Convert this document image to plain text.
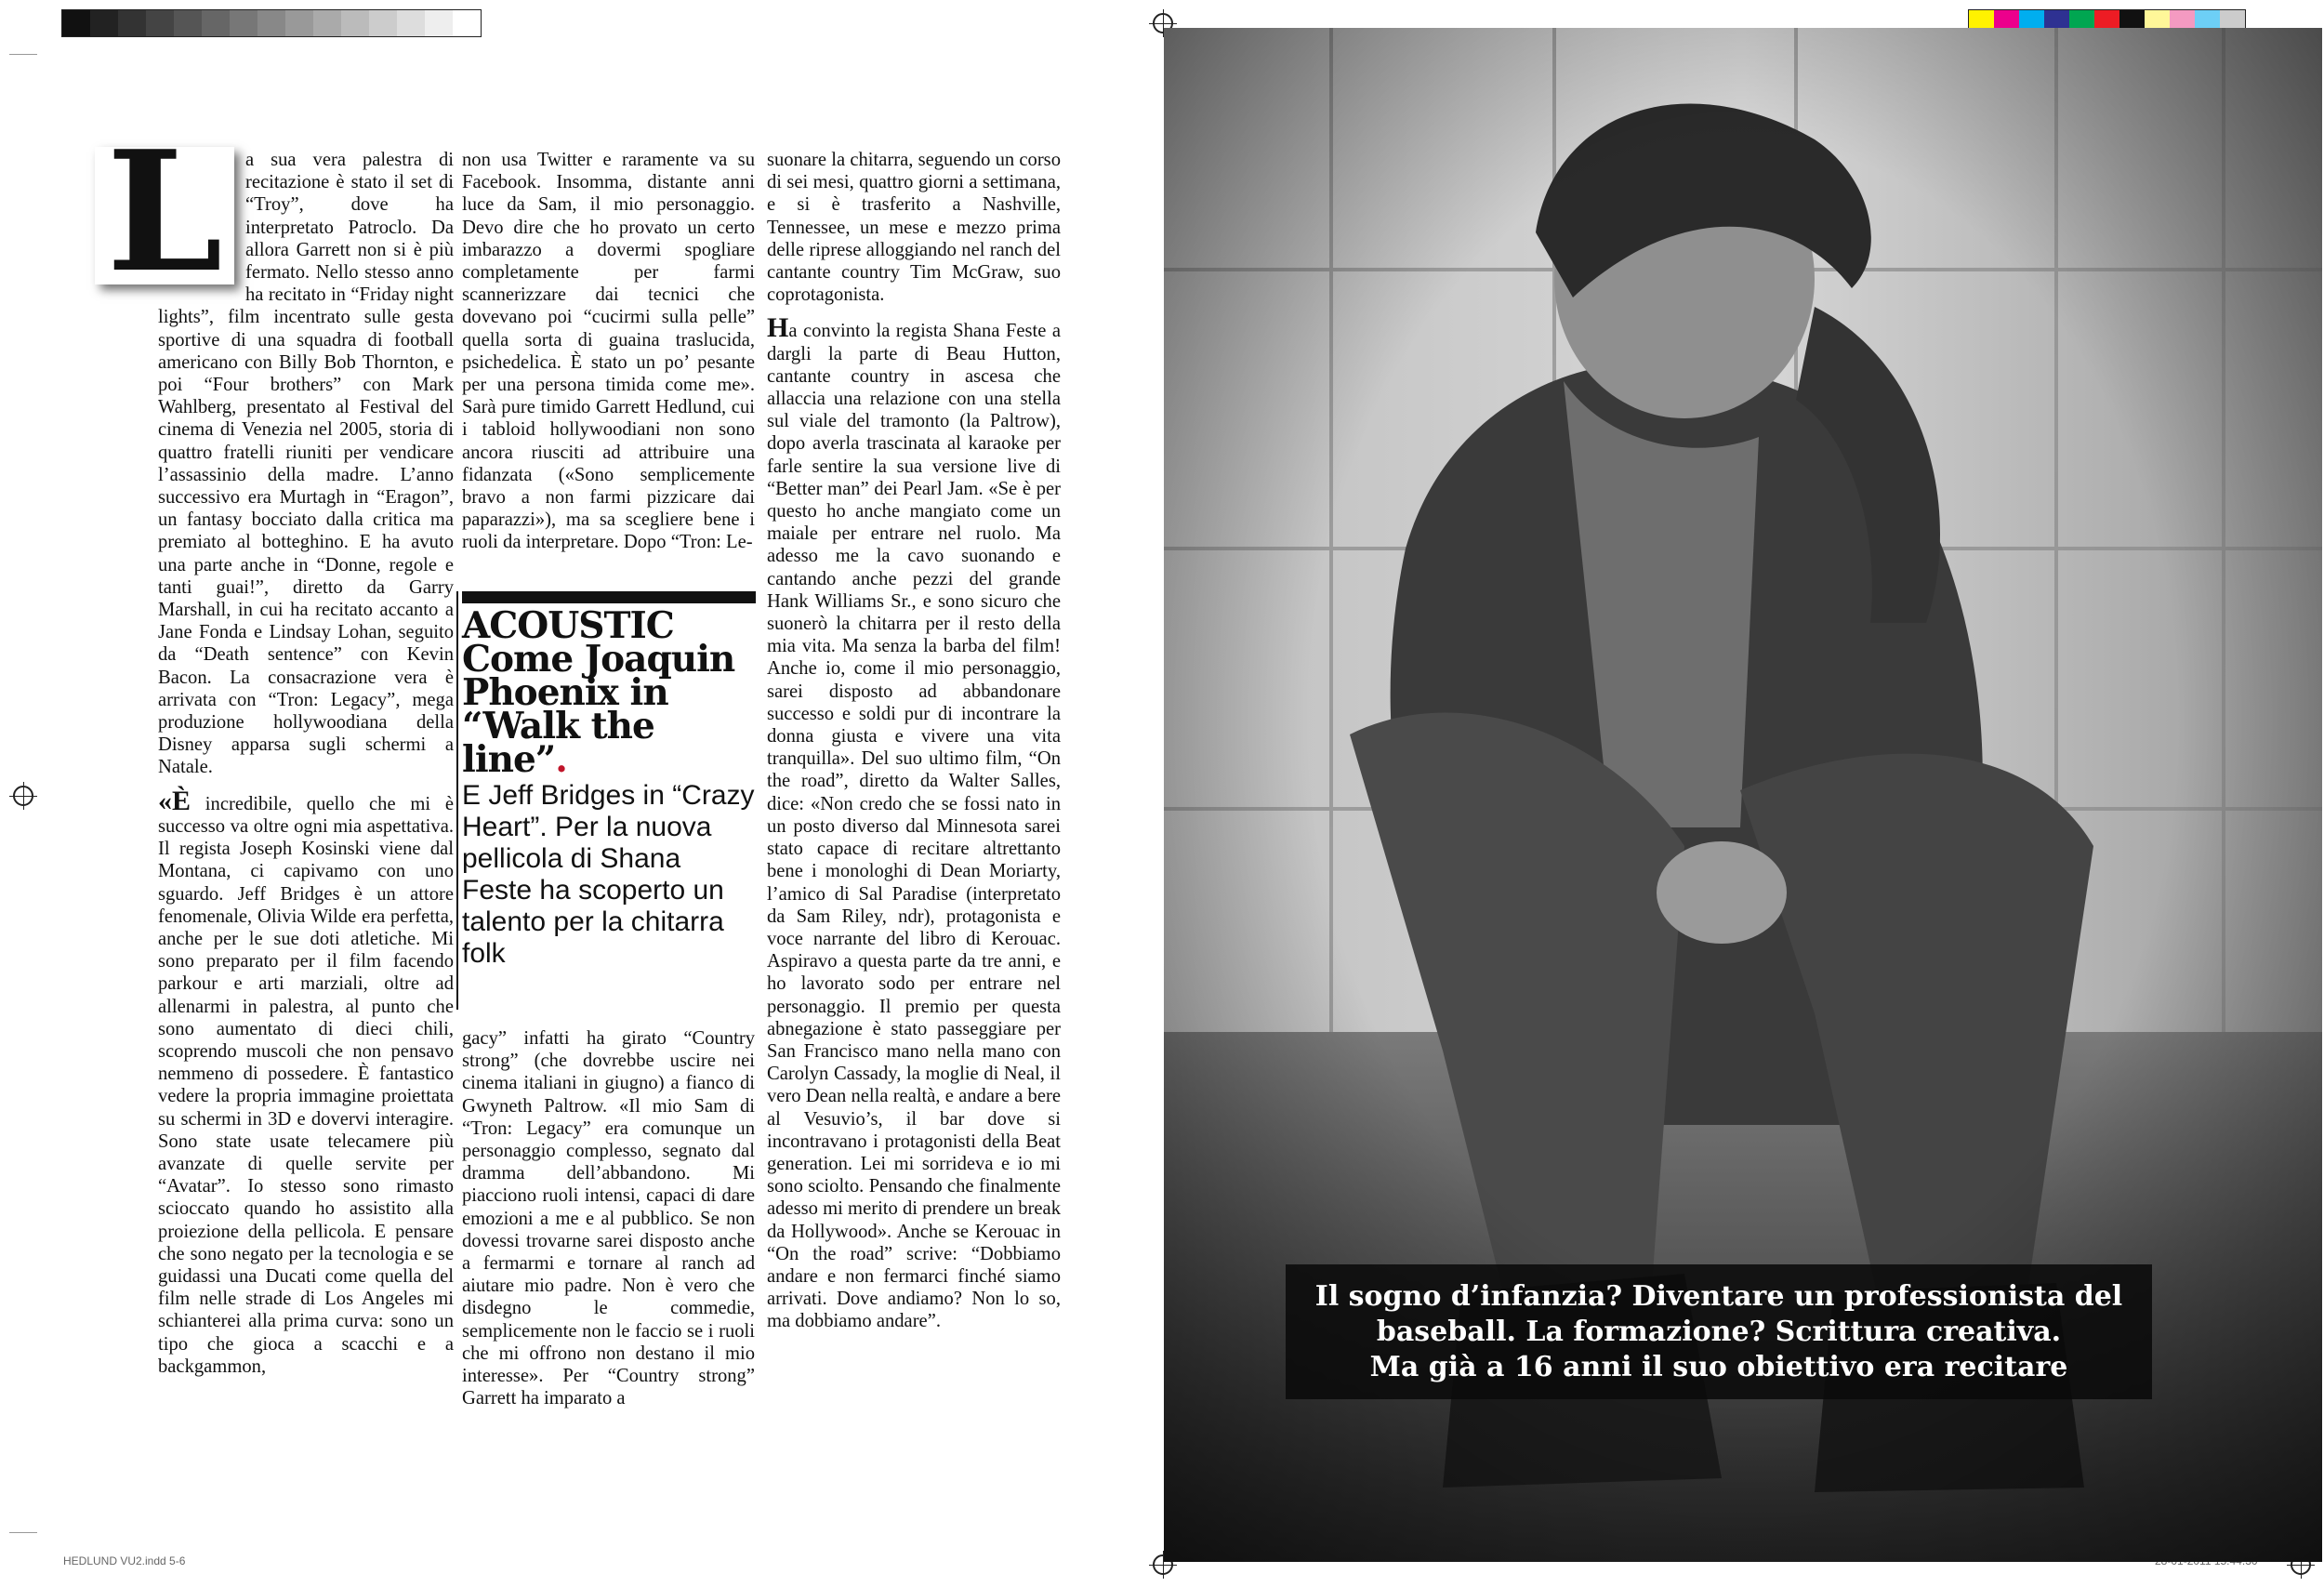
HEDLUND VU2.indd 5-6
L	a sua vera palestra di recitazione è stato il set di “Troy”, dove ha interpretato Patroclo. Da allora Garrett non si è più fermato. Nello stesso anno ha recitato in “Friday night lights”, film incentrato sulle gesta sportive di una squadra di football americano con Billy Bob Thornton, e poi “Four brothers” con Mark Wahlberg, presentato al Festival del cinema di Venezia nel 2005, storia di quattro fratelli riuniti per vendicare l’assassinio della madre. L’anno successivo era Murtagh in “Eragon”, un fantasy bocciato dalla critica ma premiato al botteghino. E ha avuto una parte anche in “Donne, regole e tanti guai!”, diretto da Garry Marshall, in cui ha recitato accanto a Jane Fonda e Lindsay Lohan, seguito da “Death sentence” con Kevin Bacon. La consacrazione vera è arrivata con “Tron: Legacy”, mega produzione hollywoodiana della Disney apparsa sugli schermi a Natale.

«È incredibile, quello che mi è successo va oltre ogni mia aspettativa. Il regista Joseph Kosinski viene dal Montana, ci capivamo con uno sguardo. Jeff Bridges è un attore fenomenale, Olivia Wilde era perfetta, anche per le sue doti atletiche. Mi sono preparato per il film facendo parkour e arti marziali, oltre ad allenarmi in palestra, al punto che sono aumentato di dieci chili, scoprendo muscoli che non pensavo nemmeno di possedere. È fantastico vedere la propria immagine proiettata su schermi in 3D e dovervi interagire. Sono state usate telecamere più avanzate di quelle servite per “Avatar”. Io stesso sono rimasto scioccato quando ho assistito alla proiezione della pellicola. E pensare che sono negato per la tecnologia e se guidassi una Ducati come quella del film nelle strade di Los Angeles mi schianterei alla prima curva: sono un tipo che gioca a scacchi e a backgammon,

non usa Twitter e raramente va su Facebook. Insomma, distante anni luce da Sam, il mio personaggio. Devo dire che ho provato un certo imbarazzo a dovermi spogliare completamente per farmi scannerizzare dai tecnici che dovevano poi “cucirmi sulla pelle” quella sorta di guaina traslucida, psichedelica. È stato un po’ pesante per una persona timida come me». Sarà pure timido Garrett Hedlund, cui i tabloid hollywoodiani non sono ancora riusciti ad attribuire una fidanzata («Sono semplicemente bravo a non farmi pizzicare dai paparazzi»), ma sa scegliere bene i ruoli da interpretare. Dopo “Tron: Le-

gacy” infatti ha girato “Country strong” (che dovrebbe uscire nei cinema italiani in giugno) a fianco di Gwyneth Paltrow. «Il mio Sam di “Tron: Legacy” era comunque un personaggio complesso, segnato dal dramma dell’abbandono. Mi piacciono ruoli intensi, capaci di dare emozioni a me e al pubblico. Se non dovessi trovarne sarei disposto anche a fermarmi e tornare al ranch ad aiutare mio padre. Non è vero che disdegno le commedie, semplicemente non le faccio se i ruoli che mi offrono non destano il mio interesse». Per “Country strong” Garrett ha imparato a

ACOUSTIC Come Joaquin Phoenix in “Walk the line”.

E Jeff Bridges in “Crazy Heart”. Per la nuova pellicola di Shana Feste ha scoperto un talento per la chitarra folk

suonare la chitarra, seguendo un corso di sei mesi, quattro giorni a settimana, e si è trasferito a Nashville, Tennessee, un mese e mezzo prima delle riprese alloggiando nel ranch del cantante country Tim McGraw, suo coprotagonista.

Ha convinto la regista Shana Feste a dargli la parte di Beau Hutton, cantante country in ascesa che allaccia una relazione con una stella sul viale del tramonto (la Paltrow), dopo averla trascinata al karaoke per farle sentire la sua versione live di “Better man” dei Pearl Jam. «Se è per questo ho anche mangiato come un maiale per entrare nel ruolo. Ma adesso me la cavo suonando e cantando anche pezzi del grande Hank Williams Sr., e sono sicuro che suonerò la chitarra per il resto della mia vita. Ma senza la barba del film! Anche io, come il mio personaggio, sarei disposto ad abbandonare successo e soldi pur di incontrare la donna giusta e vivere una vita tranquilla». Del suo ultimo film, “On the road”, diretto da Walter Salles, dice: «Non credo che se fossi nato in un posto diverso dal Minnesota sarei stato capace di recitare altrettanto bene i monologhi di Dean Moriarty, l’amico di Sal Paradise (interpretato da Sam Riley, ndr), protagonista e voce narrante del libro di Kerouac. Aspiravo a questa parte da tre anni, e ho lavorato sodo per entrare nel personaggio. Il premio per questa abnegazione è stato passeggiare per San Francisco mano nella mano con Carolyn Cassady, la moglie di Neal, il vero Dean nella realtà, e andare a bere al Vesuvio’s, il bar dove si incontravano i protagonisti della Beat generation. Lei mi sorrideva e io mi sono sciolto. Pensando che finalmente adesso mi merito di prendere un break da Hollywood». Anche se Kerouac in “On the road” scrive: “Dobbiamo andare e non fermarci finché siamo arrivati. Dove andiamo? Non lo so, ma dobbiamo andare”.

Il sogno d’infanzia? Diventare un professionista del
baseball. La formazione? Scrittura creativa.
Ma già a 16 anni il suo obiettivo era recitare
